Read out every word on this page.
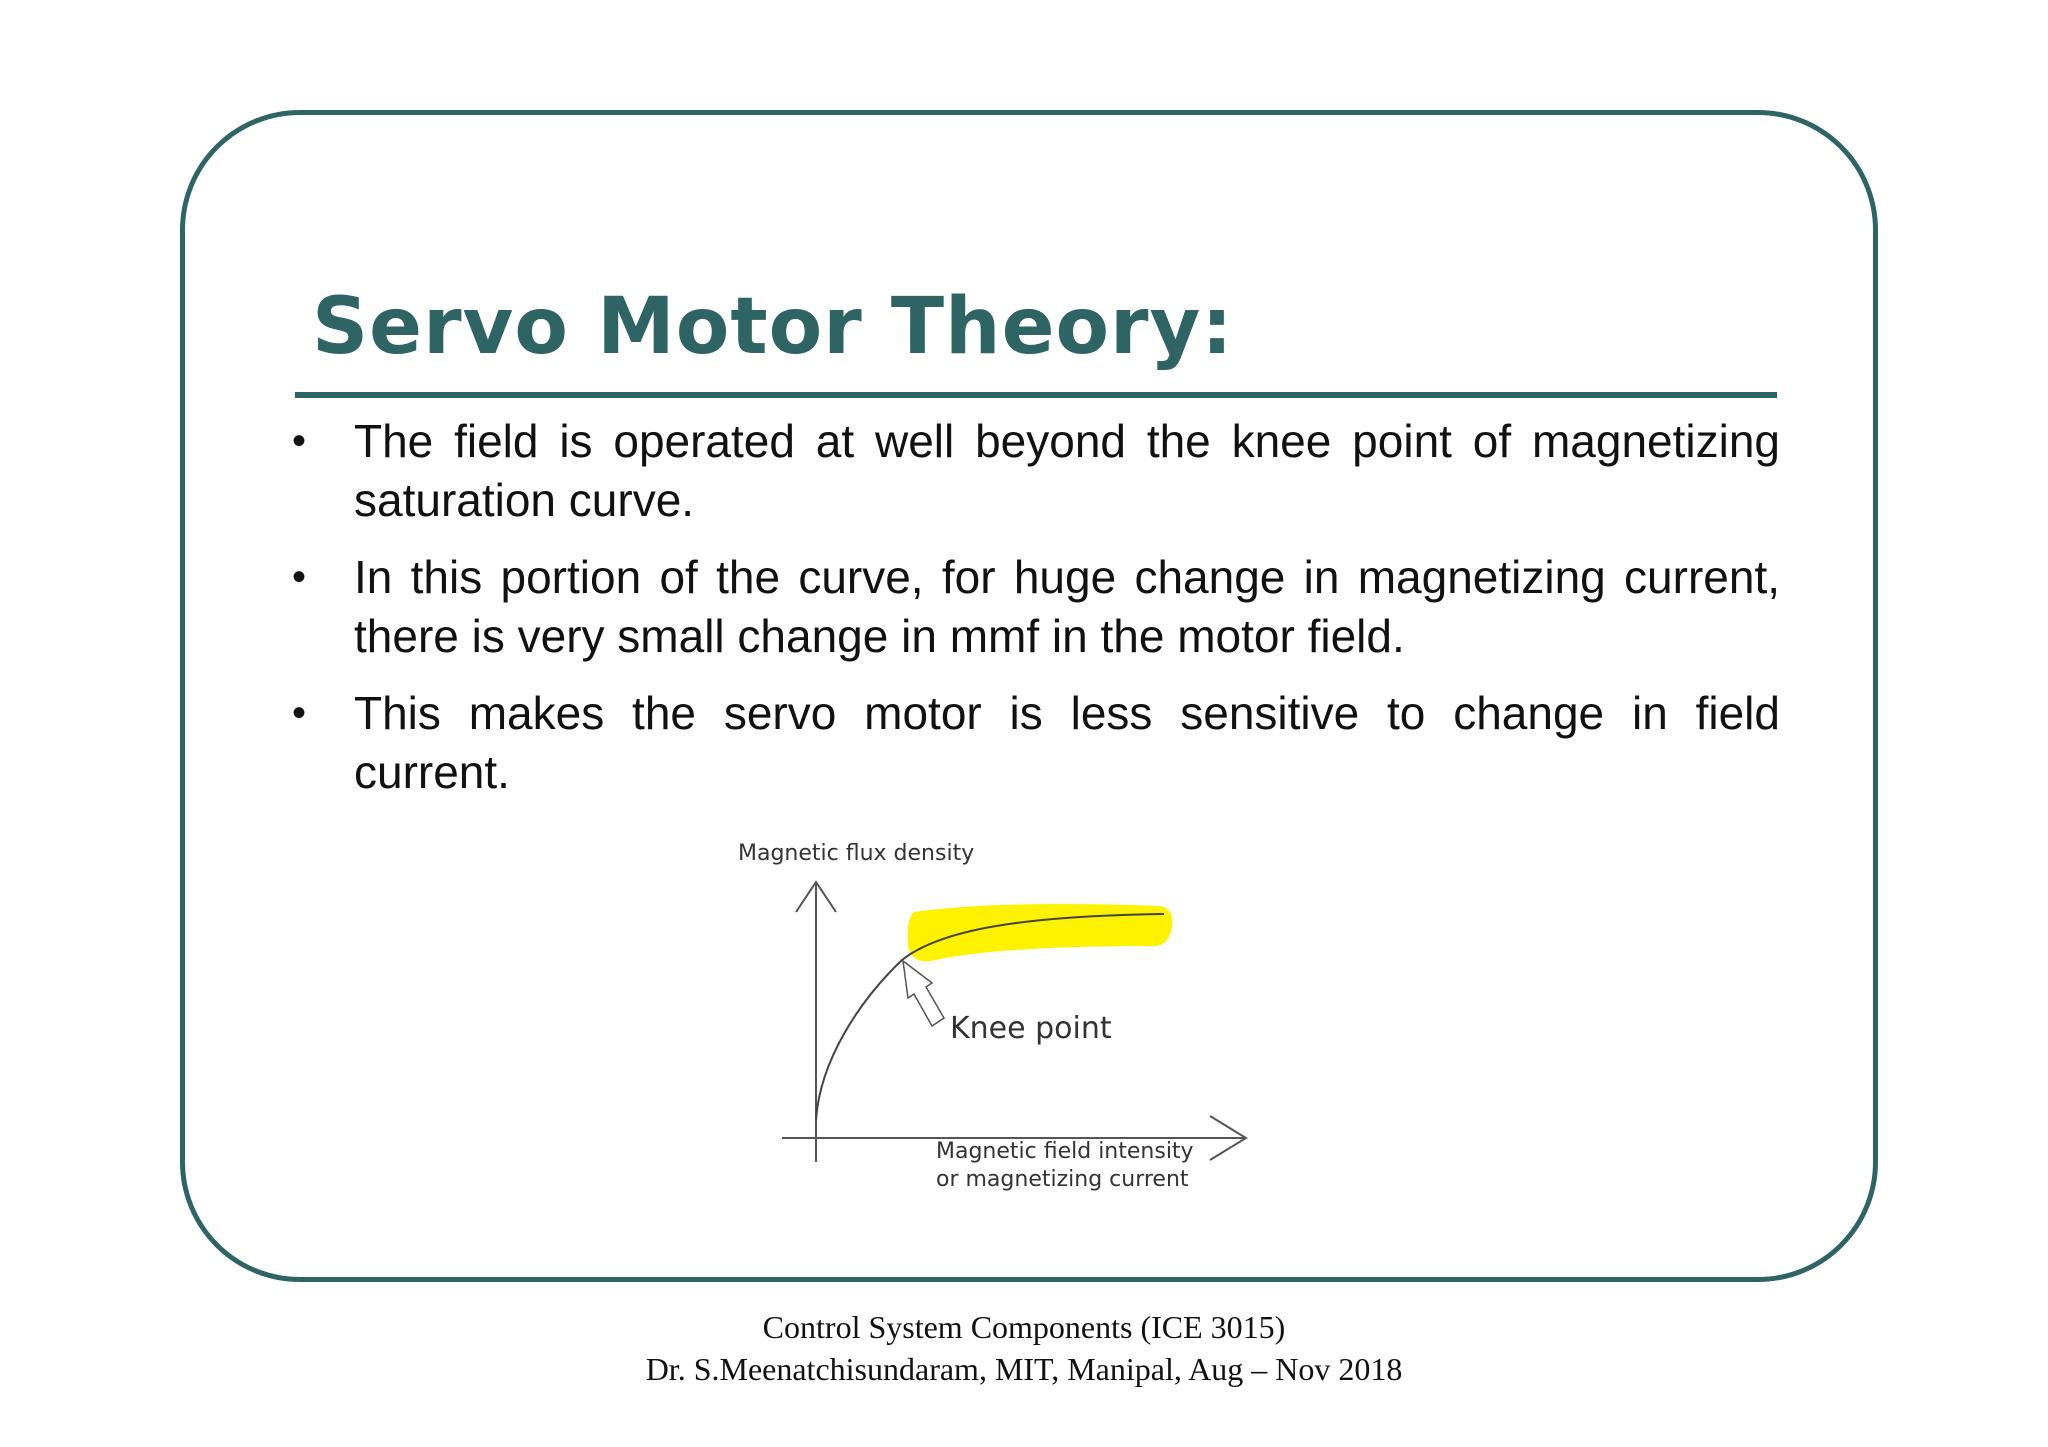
Servo Motor Theory:
• The field is operated at well beyond the knee point of magnetizing saturation curve.
• In this portion of the curve, for huge change in magnetizing current, there is very small change in mmf in the motor field.
• This makes the servo motor is less sensitive to change in field current.
Magnetic flux density
Knee point
Magnetic field intensity
or magnetizing current
Control System Components (ICE 3015)
Dr. S.Meenatchisundaram, MIT, Manipal, Aug – Nov 2018
